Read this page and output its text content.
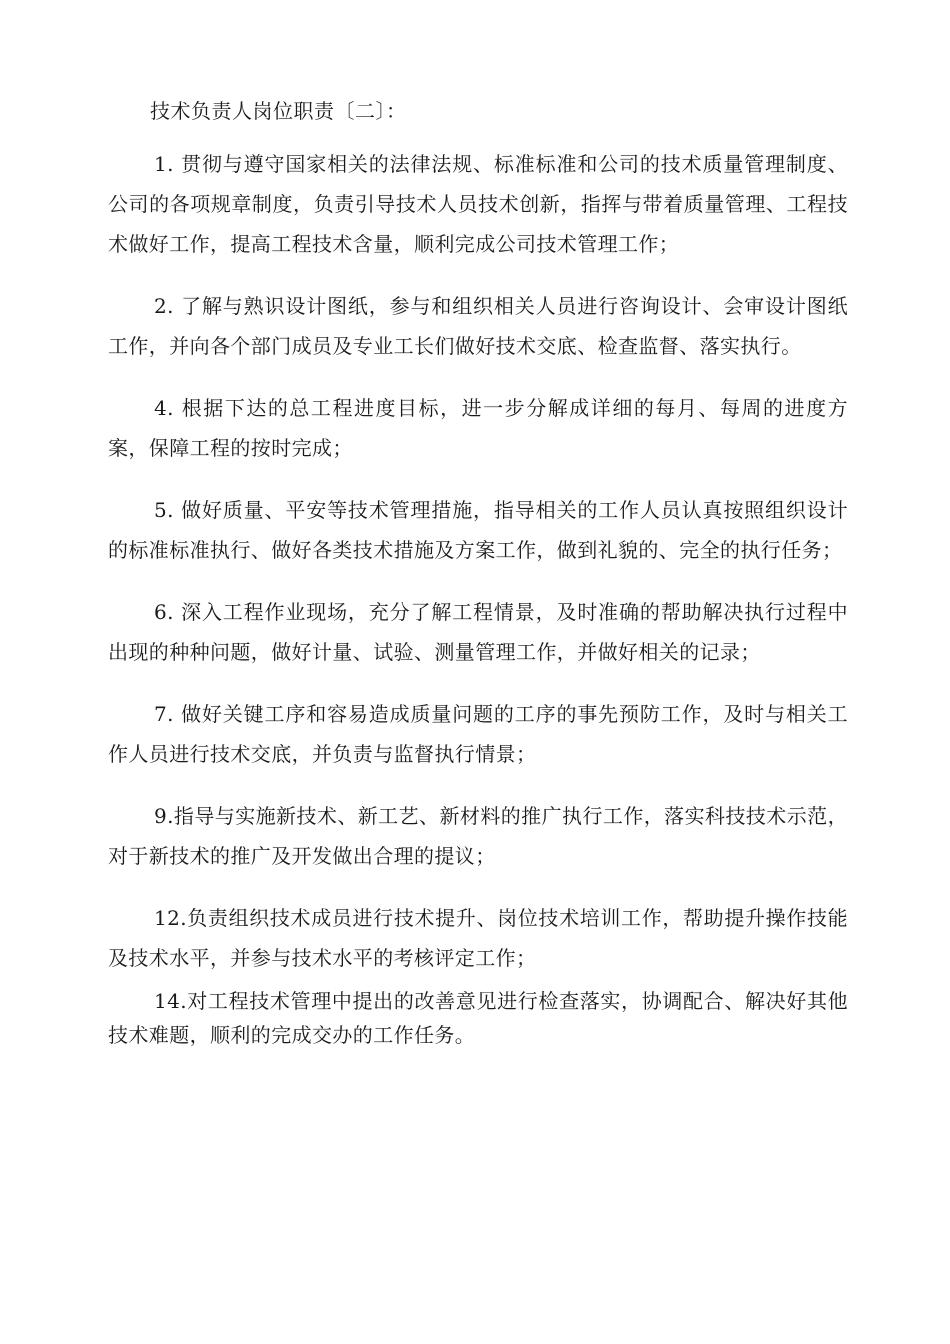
技术负责人岗位职责〔二〕：

1. 贯彻与遵守国家相关的法律法规、标准标准和公司的技术质量管理制度、公司的各项规章制度，负责引导技术人员技术创新，指挥与带着质量管理、工程技术做好工作，提高工程技术含量，顺利完成公司技术管理工作；

2. 了解与熟识设计图纸，参与和组织相关人员进行咨询设计、会审设计图纸工作，并向各个部门成员及专业工长们做好技术交底、检查监督、落实执行。

4. 根据下达的总工程进度目标，进一步分解成详细的每月、每周的进度方案，保障工程的按时完成；

5. 做好质量、平安等技术管理措施，指导相关的工作人员认真按照组织设计的标准标准执行、做好各类技术措施及方案工作，做到礼貌的、完全的执行任务；

6. 深入工程作业现场，充分了解工程情景，及时准确的帮助解决执行过程中出现的种种问题，做好计量、试验、测量管理工作，并做好相关的记录；

7. 做好关键工序和容易造成质量问题的工序的事先预防工作，及时与相关工作人员进行技术交底，并负责与监督执行情景；

9.指导与实施新技术、新工艺、新材料的推广执行工作，落实科技技术示范，对于新技术的推广及开发做出合理的提议；

12.负责组织技术成员进行技术提升、岗位技术培训工作，帮助提升操作技能及技术水平，并参与技术水平的考核评定工作；

14.对工程技术管理中提出的改善意见进行检查落实，协调配合、解决好其他技术难题，顺利的完成交办的工作任务。
